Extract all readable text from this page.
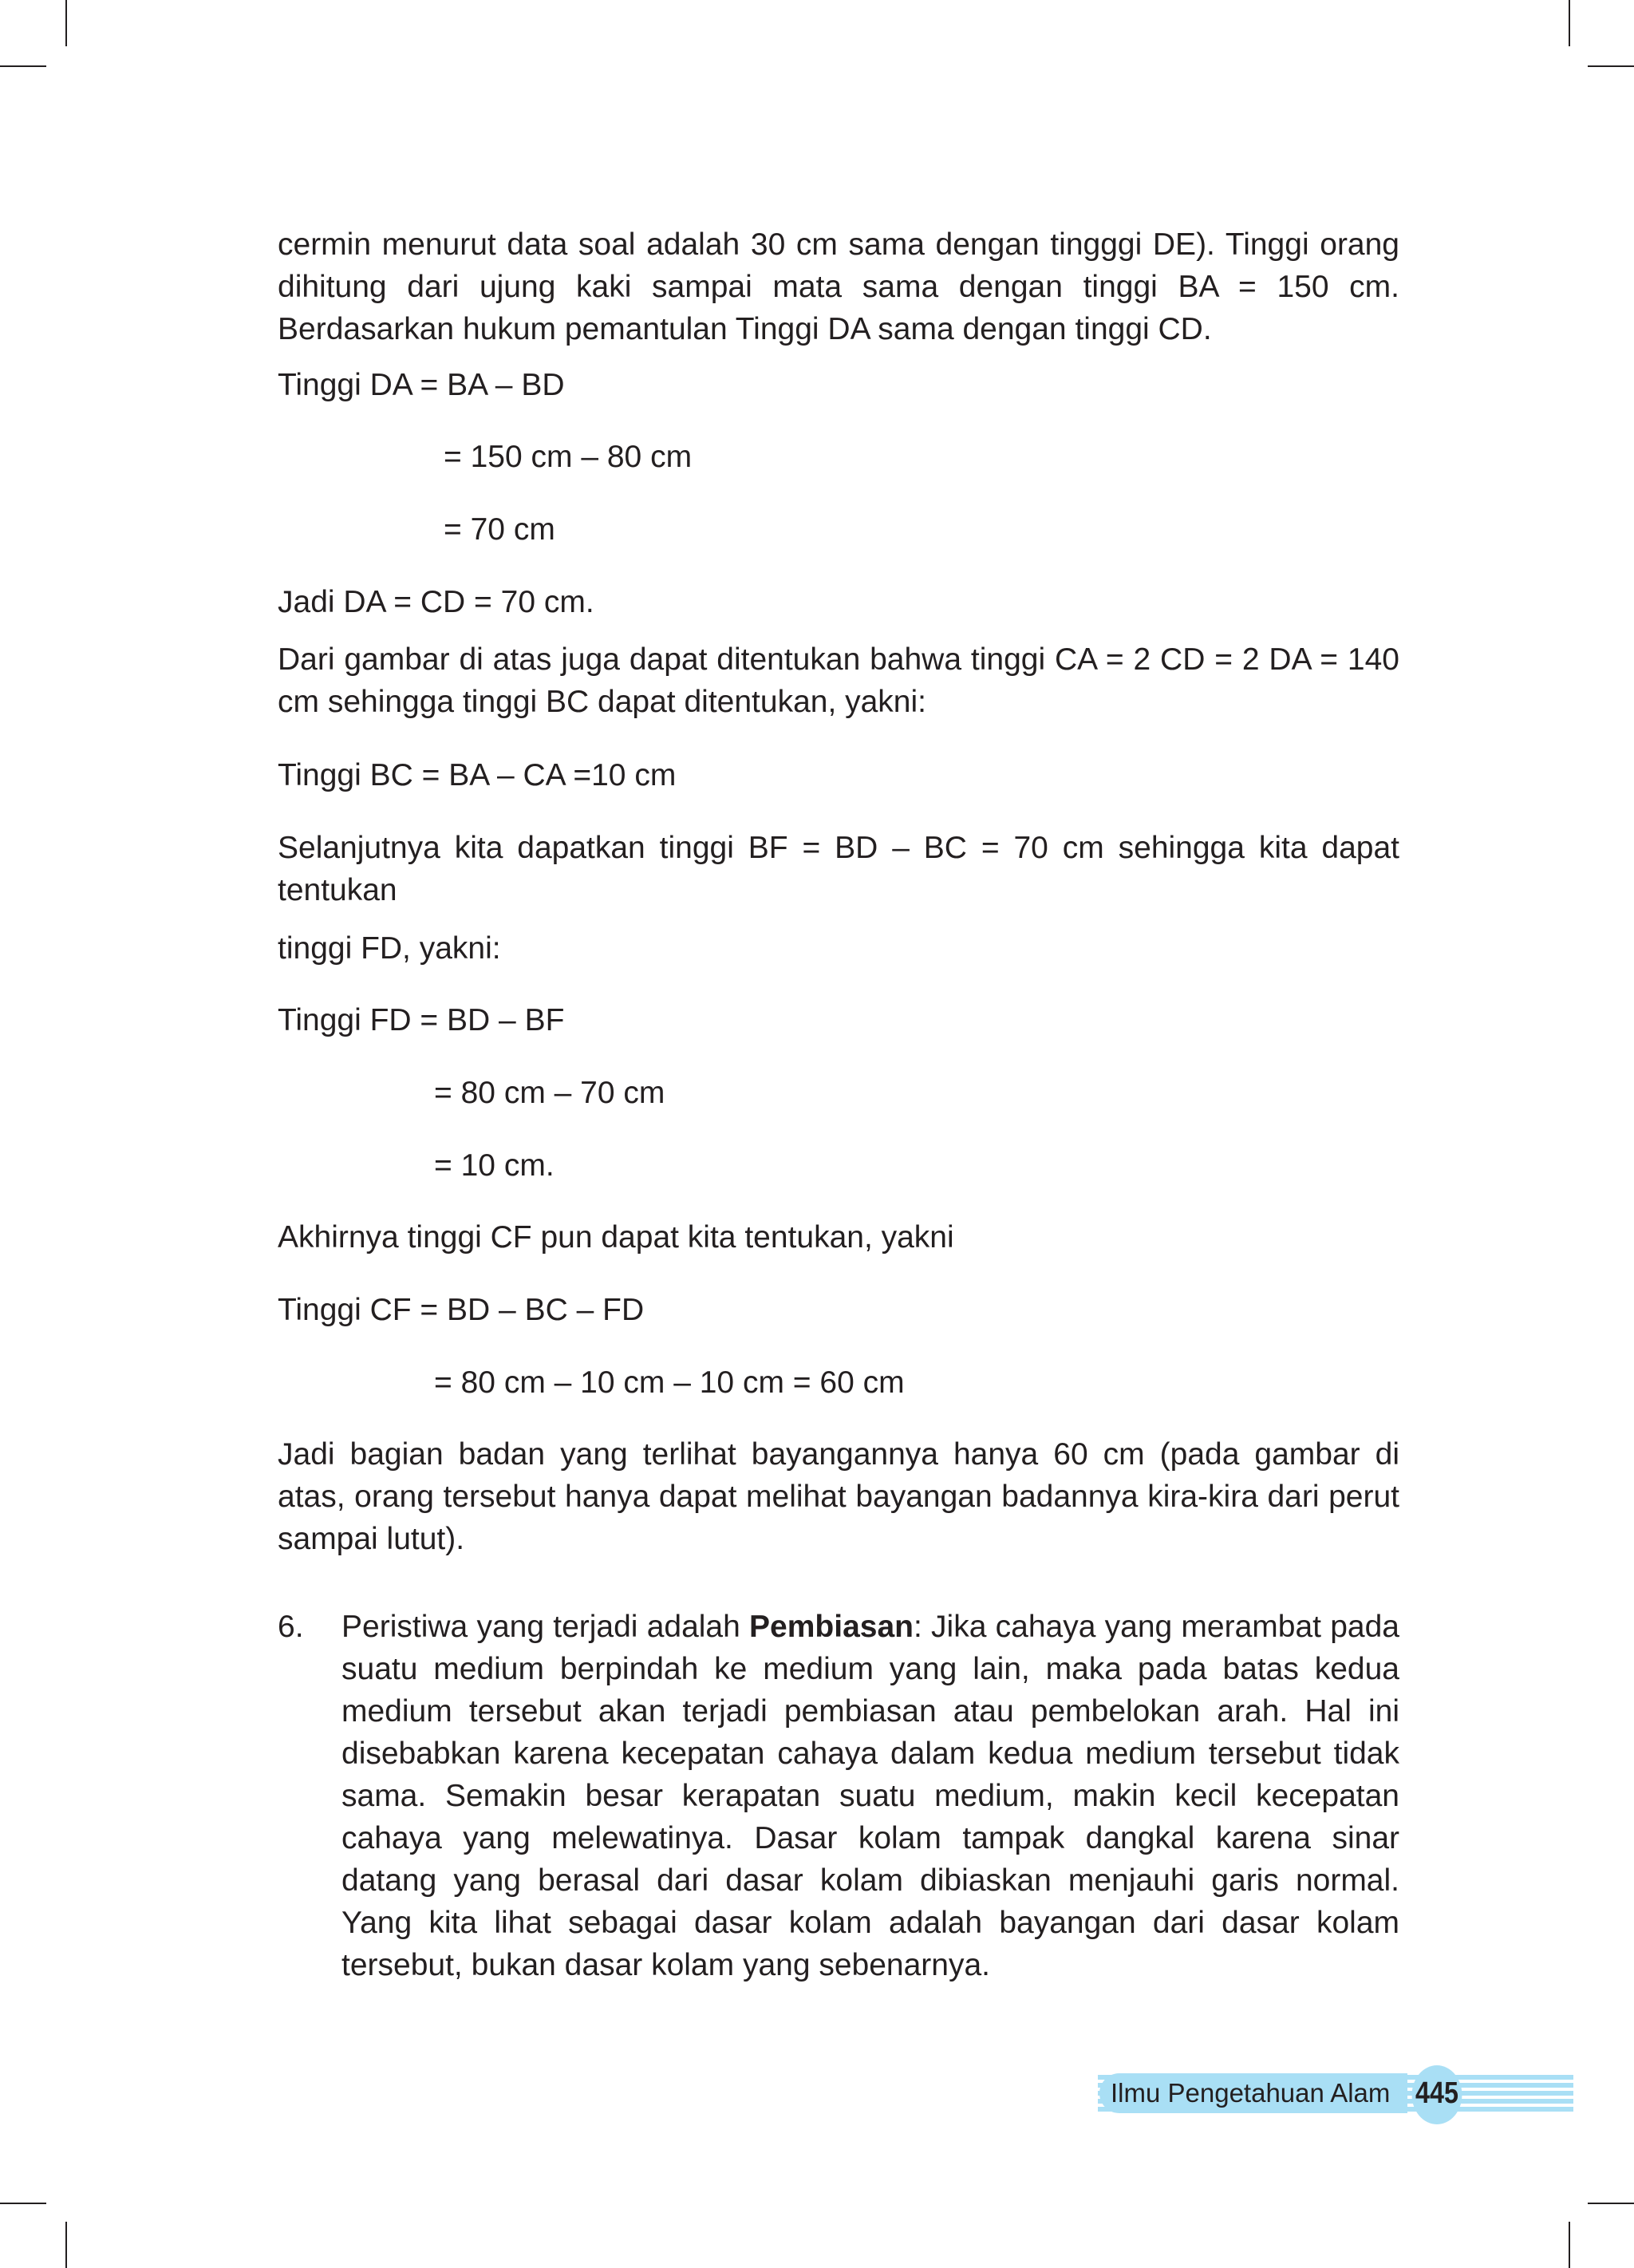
cermin menurut data soal adalah 30 cm sama dengan tingggi DE). Tinggi orang dihitung dari ujung kaki sampai mata sama dengan tinggi BA = 150 cm. Berdasarkan hukum pemantulan Tinggi DA sama dengan tinggi CD.

Tinggi DA = BA – BD

= 150 cm – 80 cm

= 70 cm

Jadi DA = CD = 70 cm.

Dari gambar di atas juga dapat ditentukan bahwa tinggi CA = 2 CD = 2 DA = 140 cm sehingga tinggi BC dapat ditentukan, yakni:

Tinggi BC = BA – CA =10 cm

Selanjutnya kita dapatkan tinggi BF = BD – BC = 70 cm sehingga kita dapat tentukan

tinggi FD, yakni:

Tinggi FD = BD – BF

= 80 cm – 70 cm

= 10 cm.

Akhirnya tinggi CF pun dapat kita tentukan, yakni

Tinggi CF = BD – BC – FD

= 80 cm – 10 cm – 10 cm = 60 cm

Jadi bagian badan yang terlihat bayangannya hanya 60 cm (pada gambar di atas, orang tersebut hanya dapat melihat bayangan badannya kira-kira dari perut sampai lutut).

6. Peristiwa yang terjadi adalah Pembiasan: Jika cahaya yang merambat pada suatu medium berpindah ke medium yang lain, maka pada batas kedua medium tersebut akan terjadi pembiasan atau pembelokan arah. Hal ini disebabkan karena kecepatan cahaya dalam kedua medium tersebut tidak sama. Semakin besar kerapatan suatu medium, makin kecil kecepatan cahaya yang melewatinya. Dasar kolam tampak dangkal karena sinar datang yang berasal dari dasar kolam dibiaskan menjauhi garis normal. Yang kita lihat sebagai dasar kolam adalah bayangan dari dasar kolam tersebut, bukan dasar kolam yang sebenarnya.
Ilmu Pengetahuan Alam 445
